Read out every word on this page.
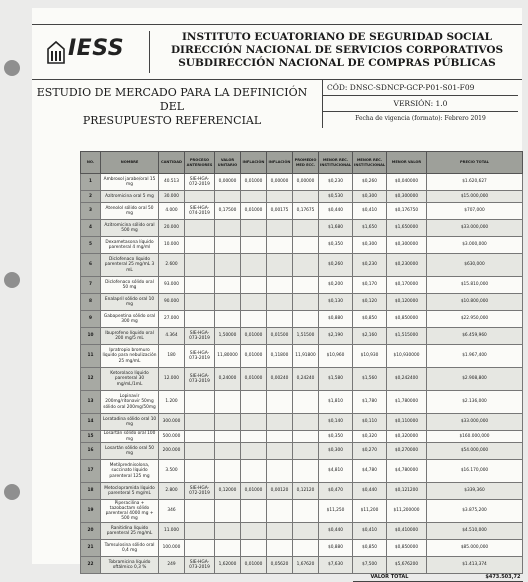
IESS	INSTITUTO ECUATORIANO DE SEGURIDAD SOCIAL
DIRECCIÓN NACIONAL DE SERVICIOS CORPORATIVOS
SUBDIRECCIÓN NACIONAL DE COMPRAS PÚBLICAS
ESTUDIO DE MERCADO PARA LA DEFINICIÓN DEL
PRESUPUESTO REFERENCIAL
CÓD: DNSC-SDNCP-GCP-P01-S01-F09
VERSIÓN: 1.0
Fecha de vigencia (formato): Febrero 2019
NO.	NOMBRE	CANTIDAD	PROCESO ANTERIORES	VALOR UNITARIO	INFLACIÓN	INFLACIÓN	PROMEDIO MED ECC.	MENOR REC. INSTITUCIONAL	MENOR REC. INSTITUCIONAL	MENOR VALOR	PRECIO TOTAL
1	Ambroxol jarabe/oral 15 mg	40.513	SIE-HGA-072-2019	0,00000	0,01000	0,00000	0,00000	$0,230	$0,260	$0,040000	$1.620,627
2	Azitromicina oral 5 mg	30.000						$0,530	$0,300	$0,300000	$15.000,000
3	Atenolol sólido oral 50 mg	4.000	SIE-HGA-074-2019	0,17500	0,01000	0,00175	0,17675	$0,440	$0,410	$0,176750	$707,000
4	Azitromicina sólido oral 500 mg	20.000						$1,680	$1,650	$1,650000	$33.000,000
5	Dexametasona líquido parenteral 4 mg/ml	10.000						$0,350	$0,300	$0,300000	$3.000,000
6	Diclofenaco líquido parenteral 25 mg/mL 3 mL	2.600						$0,260	$0,230	$0,230000	$630,000
7	Diclofenaco sólido oral 50 mg	93.000						$0,200	$0,170	$0,170000	$15.810,000
8	Enalapril sólido oral 10 mg	90.000						$0,130	$0,120	$0,120000	$10.800,000
9	Gabapentina sólido oral 300 mg	27.000						$0,880	$0,850	$0,850000	$22.950,000
10	Ibuprofeno líquido oral 200 mg/5 mL	4.364	SIE-HGA-073-2019	1,50000	0,01000	0,01500	1,51500	$2,190	$2,160	$1,515000	$6.459,960
11	Ipratropio bromuro líquido para nebulización 25 mg/mL	180	SIE-HGA-073-2019	11,80000	0,01000	0,11800	11,91800	$10,960	$10,930	$10,930000	$1.967,400
12	Ketorolaco líquido parenteral 30 mg/mL/1mL	12.000	SIE-HGA-073-2019	0,24000	0,01000	0,00240	0,24240	$1,580	$1,560	$0,242400	$2.908,800
13	Lopinavir 200mg/ritonavir 50mg sólido oral 200mg/50mg	1.200						$1,810	$1,780	$1,780000	$2.136,000
14	Loratadina sólido oral 10 mg	300.000						$0,140	$0,110	$0,110000	$33.000,000
15	Losartán sólido oral 100 mg	500.000						$0,350	$0,320	$0,320000	$160.000,000
16	Losartán sólido oral 50 mg	200.000						$0,300	$0,270	$0,270000	$54.000,000
17	Metilprednisolona, succinato líquido parenteral 125 mg	3.500						$4,810	$4,780	$4,780000	$16.170,000
18	Metoclopramida líquido parenteral 5 mg/mL	2.800	SIE-HGA-072-2019	0,12000	0,01000	0,00120	0,12120	$0,470	$0,440	$0,121200	$339,360
19	Piperacilina + tazobactam sólido parenteral 4000 mg + 500 mg	346						$11,250	$11,200	$11,200000	$3.875,200
20	Ranitidina líquido parenteral 25 mg/mL	11.000						$0,440	$0,410	$0,410000	$4.510,000
21	Tamsulosina sólido oral 0,4 mg	100.000						$0,880	$0,850	$0,850000	$85.000,000
22	Tobramicina líquido oftálmico 0,3 %	249	SIE-HGA-073-2019	1,62000	0,01000	0,05620	1,67620	$7,630	$7,500	$5,676200	$1.413,374
									VALOR TOTAL		$473.503,72
